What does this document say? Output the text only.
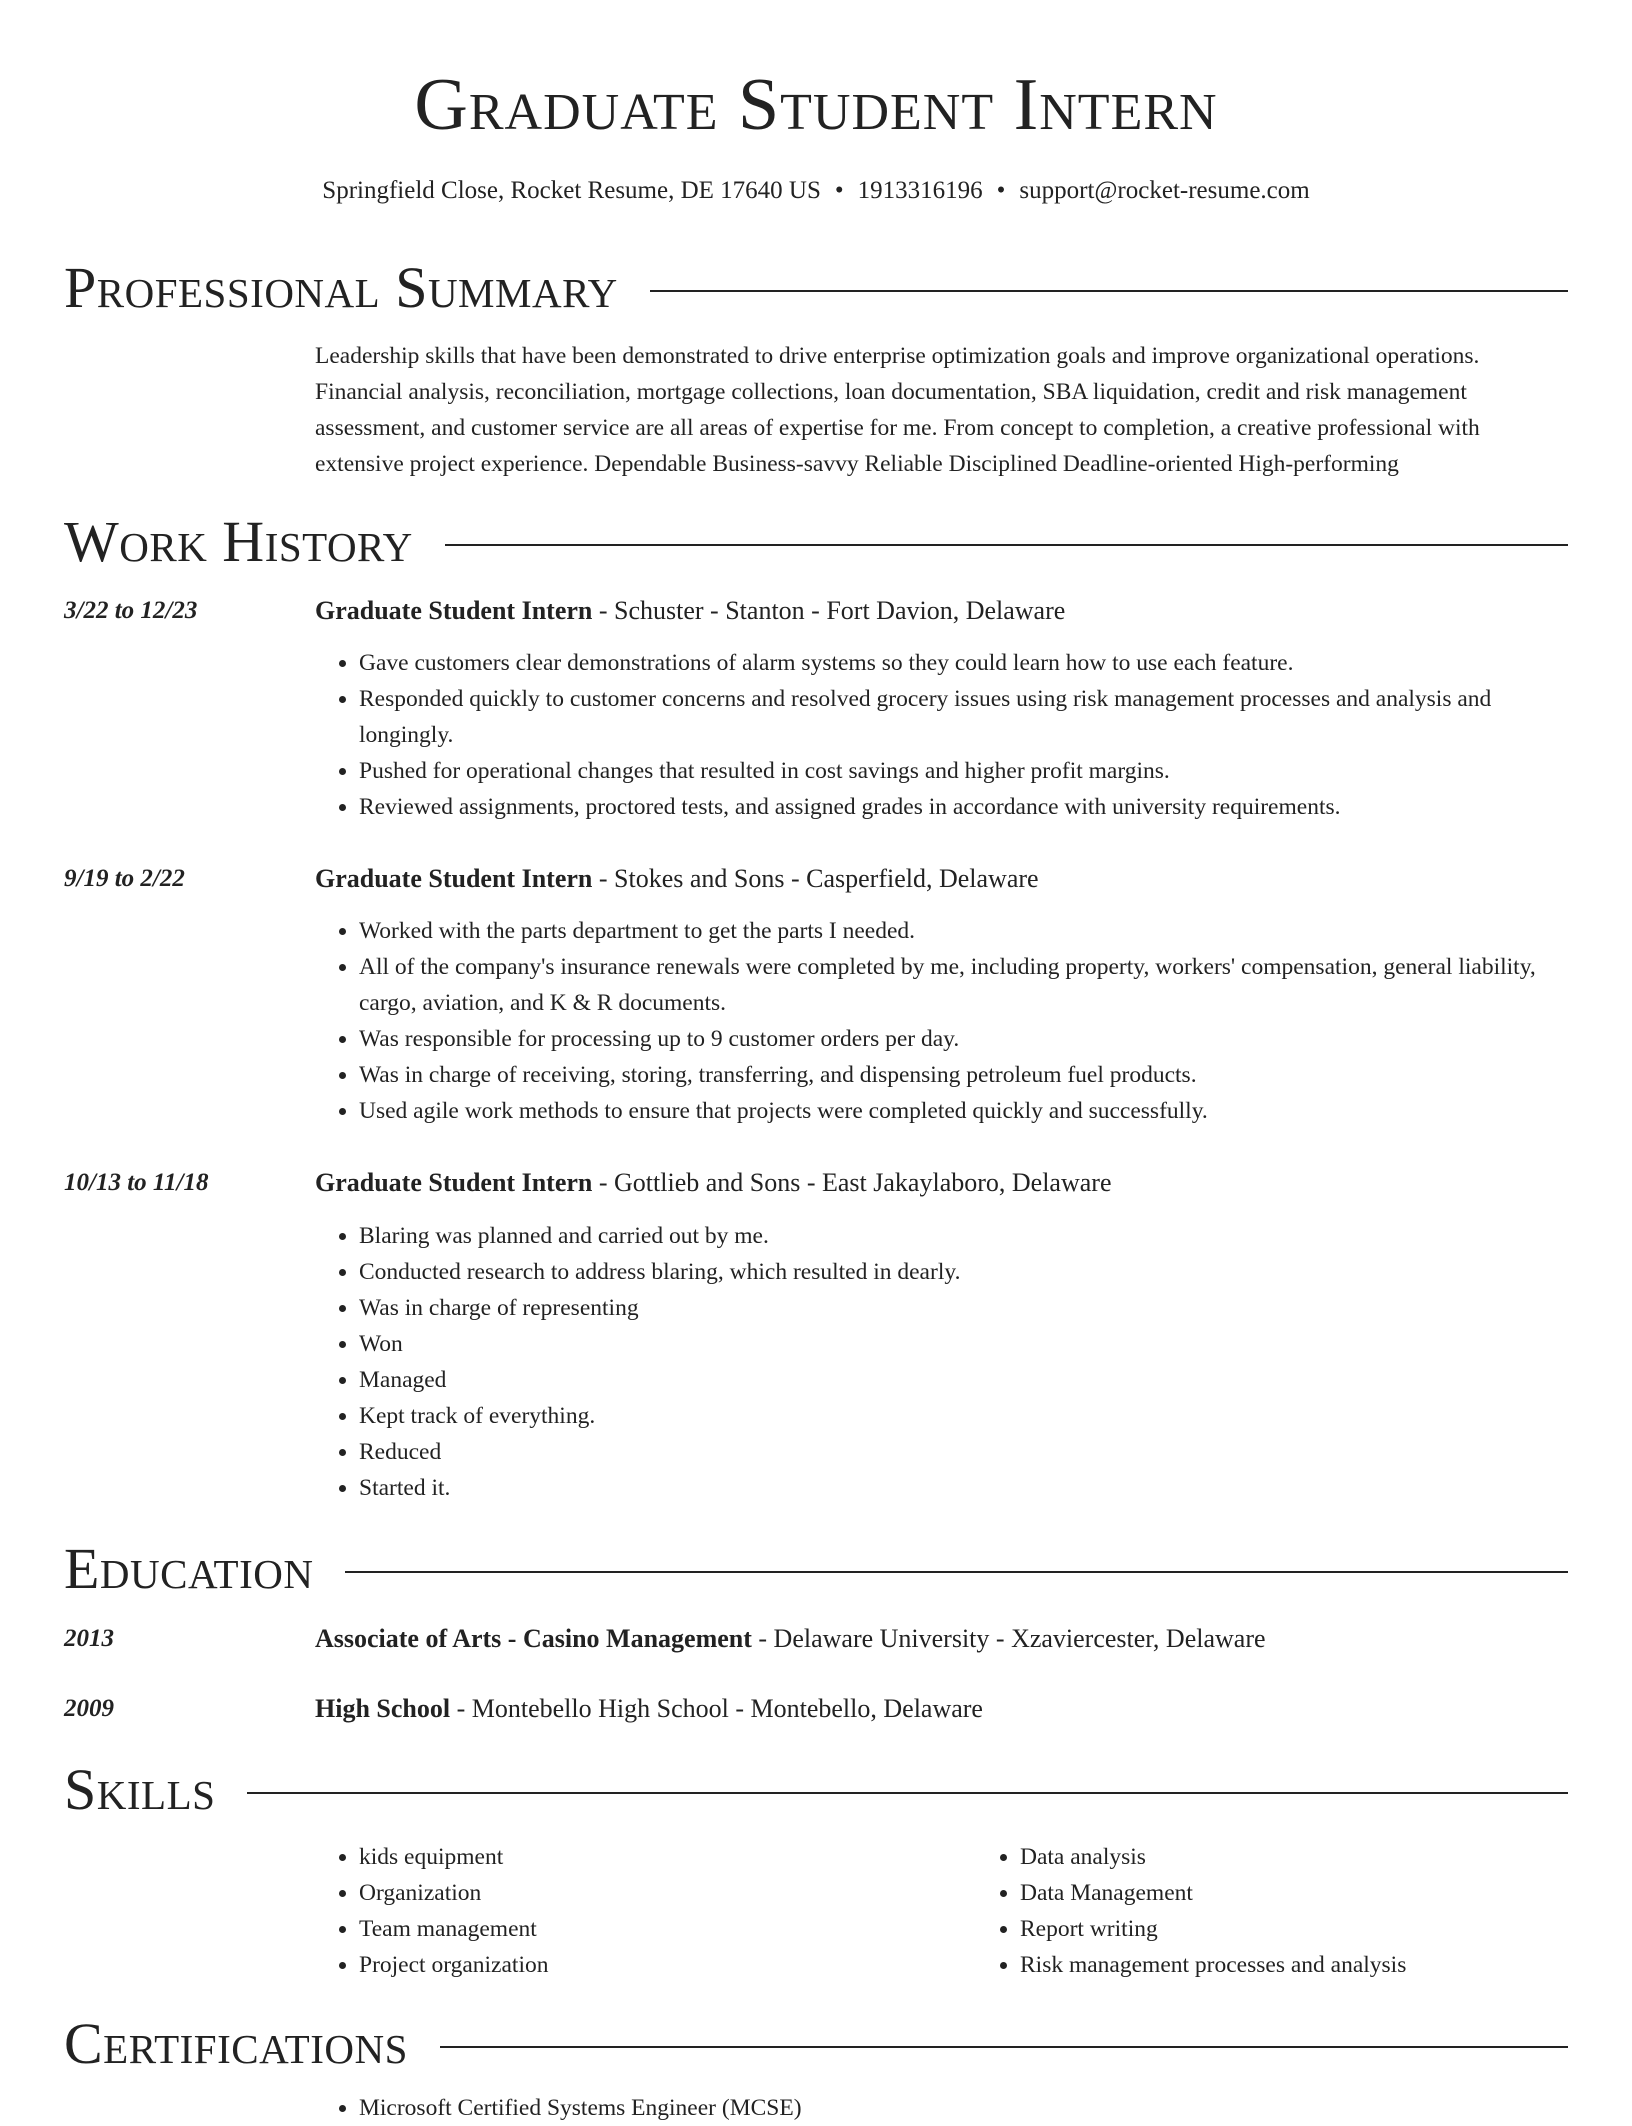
Graduate Student Intern
Springfield Close, Rocket Resume, DE 17640 US • 1913316196 • support@rocket-resume.com
Professional Summary
Leadership skills that have been demonstrated to drive enterprise optimization goals and improve organizational operations. Financial analysis, reconciliation, mortgage collections, loan documentation, SBA liquidation, credit and risk management assessment, and customer service are all areas of expertise for me. From concept to completion, a creative professional with extensive project experience. Dependable Business-savvy Reliable Disciplined Deadline-oriented High-performing
Work History
3/22 to 12/23	Graduate Student Intern - Schuster - Stanton - Fort Davion, Delaware
• Gave customers clear demonstrations of alarm systems so they could learn how to use each feature.
• Responded quickly to customer concerns and resolved grocery issues using risk management processes and analysis and longingly.
• Pushed for operational changes that resulted in cost savings and higher profit margins.
• Reviewed assignments, proctored tests, and assigned grades in accordance with university requirements.
9/19 to 2/22	Graduate Student Intern - Stokes and Sons - Casperfield, Delaware
• Worked with the parts department to get the parts I needed.
• All of the company's insurance renewals were completed by me, including property, workers' compensation, general liability, cargo, aviation, and K & R documents.
• Was responsible for processing up to 9 customer orders per day.
• Was in charge of receiving, storing, transferring, and dispensing petroleum fuel products.
• Used agile work methods to ensure that projects were completed quickly and successfully.
10/13 to 11/18	Graduate Student Intern - Gottlieb and Sons - East Jakaylaboro, Delaware
• Blaring was planned and carried out by me.
• Conducted research to address blaring, which resulted in dearly.
• Was in charge of representing
• Won
• Managed
• Kept track of everything.
• Reduced
• Started it.
Education
2013	Associate of Arts - Casino Management - Delaware University - Xzaviercester, Delaware
2009	High School - Montebello High School - Montebello, Delaware
Skills
• kids equipment
• Organization
• Team management
• Project organization
• Data analysis
• Data Management
• Report writing
• Risk management processes and analysis
Certifications
• Microsoft Certified Systems Engineer (MCSE)
